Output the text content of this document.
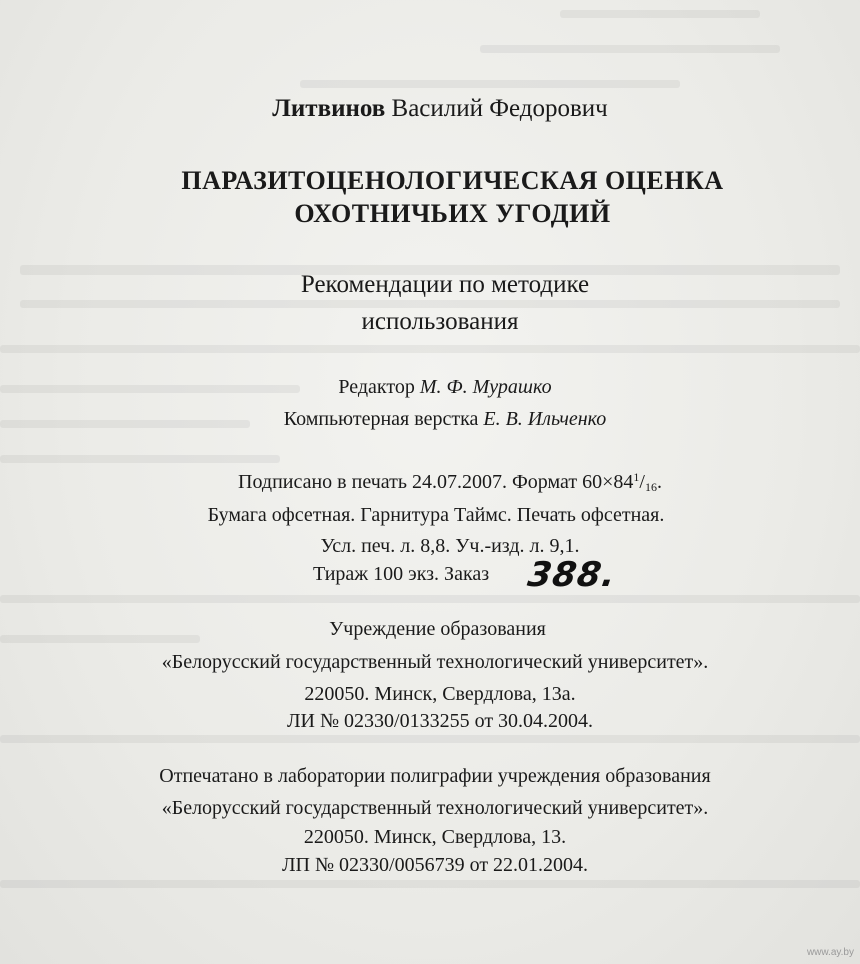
Литвинов Василий Федорович
ПАРАЗИТОЦЕНОЛОГИЧЕСКАЯ ОЦЕНКА
ОХОТНИЧЬИХ УГОДИЙ
Рекомендации по методике
использования
Редактор М. Ф. Мурашко
Компьютерная верстка Е. В. Ильченко
Подписано в печать 24.07.2007. Формат $60\times 84^1/_{16}$.
Бумага офсетная. Гарнитура Таймс. Печать офсетная.
Усл. печ. л. 8,8. Уч.-изд. л. 9,1.
Тираж 100 экз. Заказ 388.
Учреждение образования
«Белорусский государственный технологический университет».
220050. Минск, Свердлова, 13а.
ЛИ № 02330/0133255 от 30.04.2004.
Отпечатано в лаборатории полиграфии учреждения образования
«Белорусский государственный технологический университет».
220050. Минск, Свердлова, 13.
ЛП № 02330/0056739 от 22.01.2004.
www.ay.by
